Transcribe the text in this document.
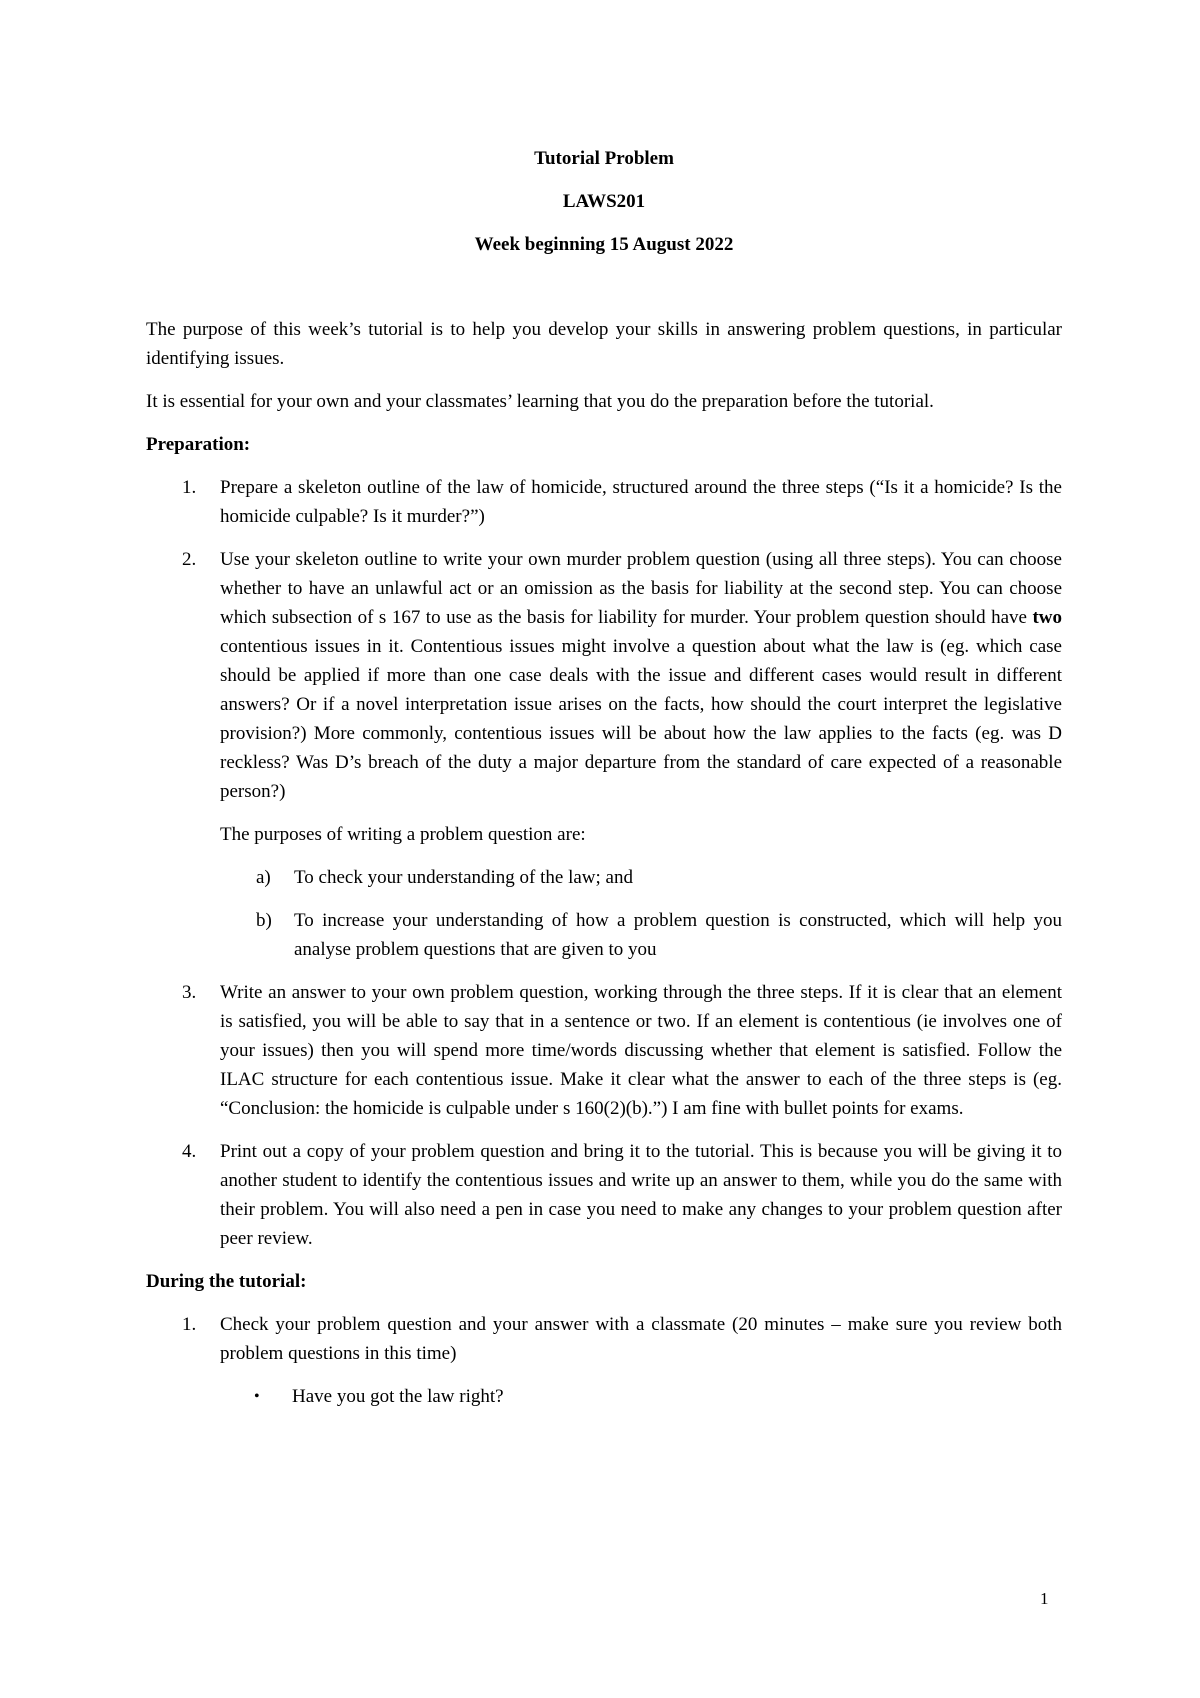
Tutorial Problem

LAWS201

Week beginning 15 August 2022

The purpose of this week’s tutorial is to help you develop your skills in answering problem questions, in particular identifying issues.

It is essential for your own and your classmates’ learning that you do the preparation before the tutorial.

Preparation:
1. Prepare a skeleton outline of the law of homicide, structured around the three steps (“Is it a homicide? Is the homicide culpable? Is it murder?”)
2. Use your skeleton outline to write your own murder problem question (using all three steps). You can choose whether to have an unlawful act or an omission as the basis for liability at the second step. You can choose which subsection of s 167 to use as the basis for liability for murder. Your problem question should have two contentious issues in it. Contentious issues might involve a question about what the law is (eg. which case should be applied if more than one case deals with the issue and different cases would result in different answers? Or if a novel interpretation issue arises on the facts, how should the court interpret the legislative provision?) More commonly, contentious issues will be about how the law applies to the facts (eg. was D reckless? Was D’s breach of the duty a major departure from the standard of care expected of a reasonable person?)

The purposes of writing a problem question are:

a) To check your understanding of the law; and
b) To increase your understanding of how a problem question is constructed, which will help you analyse problem questions that are given to you
3. Write an answer to your own problem question, working through the three steps. If it is clear that an element is satisfied, you will be able to say that in a sentence or two. If an element is contentious (ie involves one of your issues) then you will spend more time/words discussing whether that element is satisfied. Follow the ILAC structure for each contentious issue. Make it clear what the answer to each of the three steps is (eg. “Conclusion: the homicide is culpable under s 160(2)(b).”) I am fine with bullet points for exams.
4. Print out a copy of your problem question and bring it to the tutorial. This is because you will be giving it to another student to identify the contentious issues and write up an answer to them, while you do the same with their problem. You will also need a pen in case you need to make any changes to your problem question after peer review.
During the tutorial:
1. Check your problem question and your answer with a classmate (20 minutes – make sure you review both problem questions in this time)
• Have you got the law right?
1
